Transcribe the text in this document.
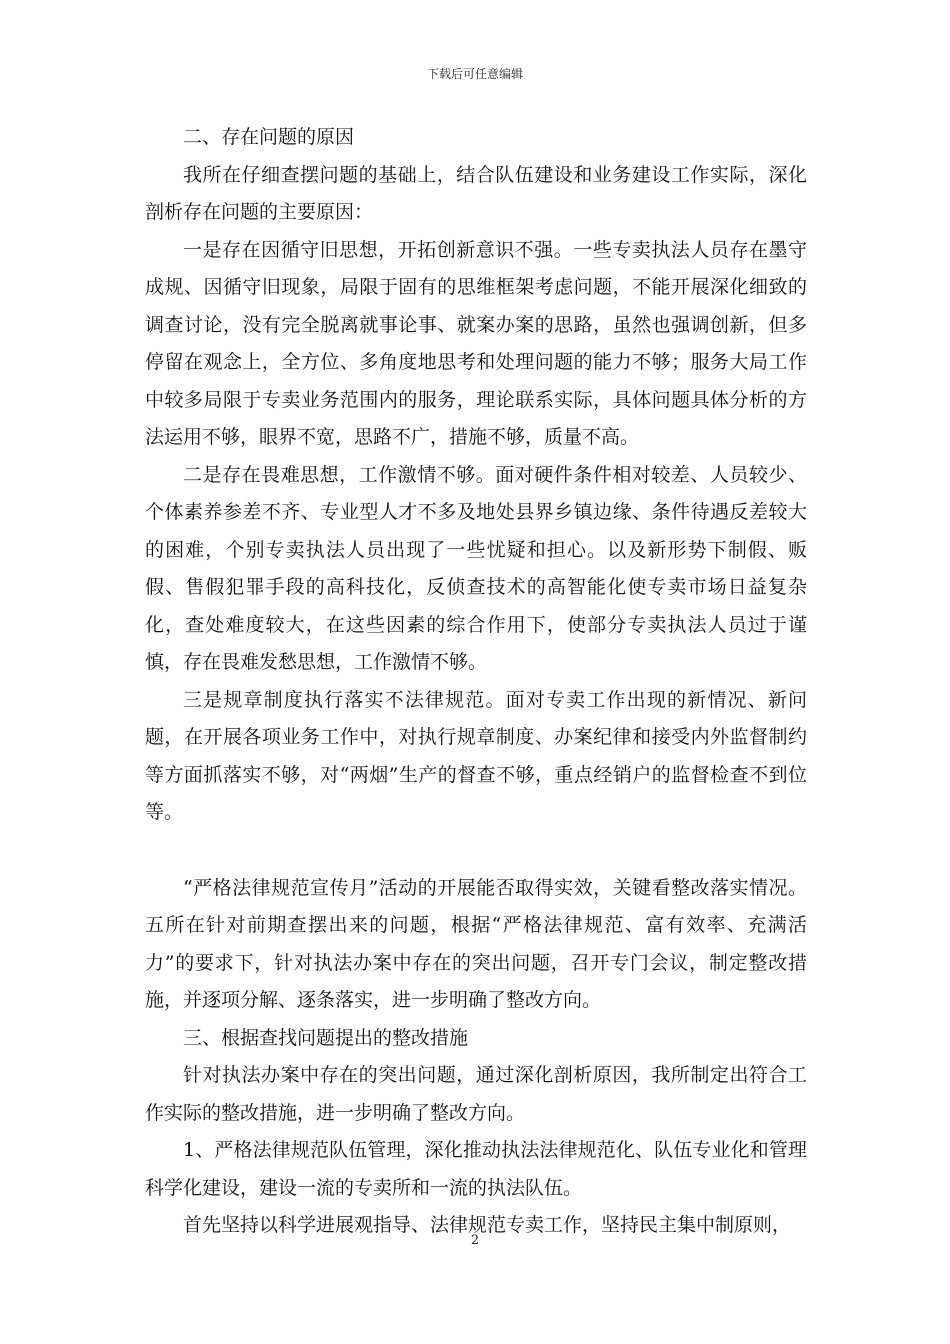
下载后可任意编辑

二、存在问题的原因

我所在仔细查摆问题的基础上，结合队伍建设和业务建设工作实际，深化剖析存在问题的主要原因：

一是存在因循守旧思想，开拓创新意识不强。一些专卖执法人员存在墨守成规、因循守旧现象，局限于固有的思维框架考虑问题，不能开展深化细致的调查讨论，没有完全脱离就事论事、就案办案的思路，虽然也强调创新，但多停留在观念上，全方位、多角度地思考和处理问题的能力不够；服务大局工作中较多局限于专卖业务范围内的服务，理论联系实际，具体问题具体分析的方法运用不够，眼界不宽，思路不广，措施不够，质量不高。

二是存在畏难思想，工作激情不够。面对硬件条件相对较差、人员较少、个体素养参差不齐、专业型人才不多及地处县界乡镇边缘、条件待遇反差较大的困难，个别专卖执法人员出现了一些忧疑和担心。以及新形势下制假、贩假、售假犯罪手段的高科技化，反侦查技术的高智能化使专卖市场日益复杂化，查处难度较大，在这些因素的综合作用下，使部分专卖执法人员过于谨慎，存在畏难发愁思想，工作激情不够。

三是规章制度执行落实不法律规范。面对专卖工作出现的新情况、新问题，在开展各项业务工作中，对执行规章制度、办案纪律和接受内外监督制约等方面抓落实不够，对“两烟”生产的督查不够，重点经销户的监督检查不到位等。

“严格法律规范宣传月”活动的开展能否取得实效，关键看整改落实情况。五所在针对前期查摆出来的问题，根据“严格法律规范、富有效率、充满活力”的要求下，针对执法办案中存在的突出问题，召开专门会议，制定整改措施，并逐项分解、逐条落实，进一步明确了整改方向。

三、根据查找问题提出的整改措施

针对执法办案中存在的突出问题，通过深化剖析原因，我所制定出符合工作实际的整改措施，进一步明确了整改方向。

1、严格法律规范队伍管理，深化推动执法法律规范化、队伍专业化和管理科学化建设，建设一流的专卖所和一流的执法队伍。

首先坚持以科学进展观指导、法律规范专卖工作，坚持民主集中制原则，

2
